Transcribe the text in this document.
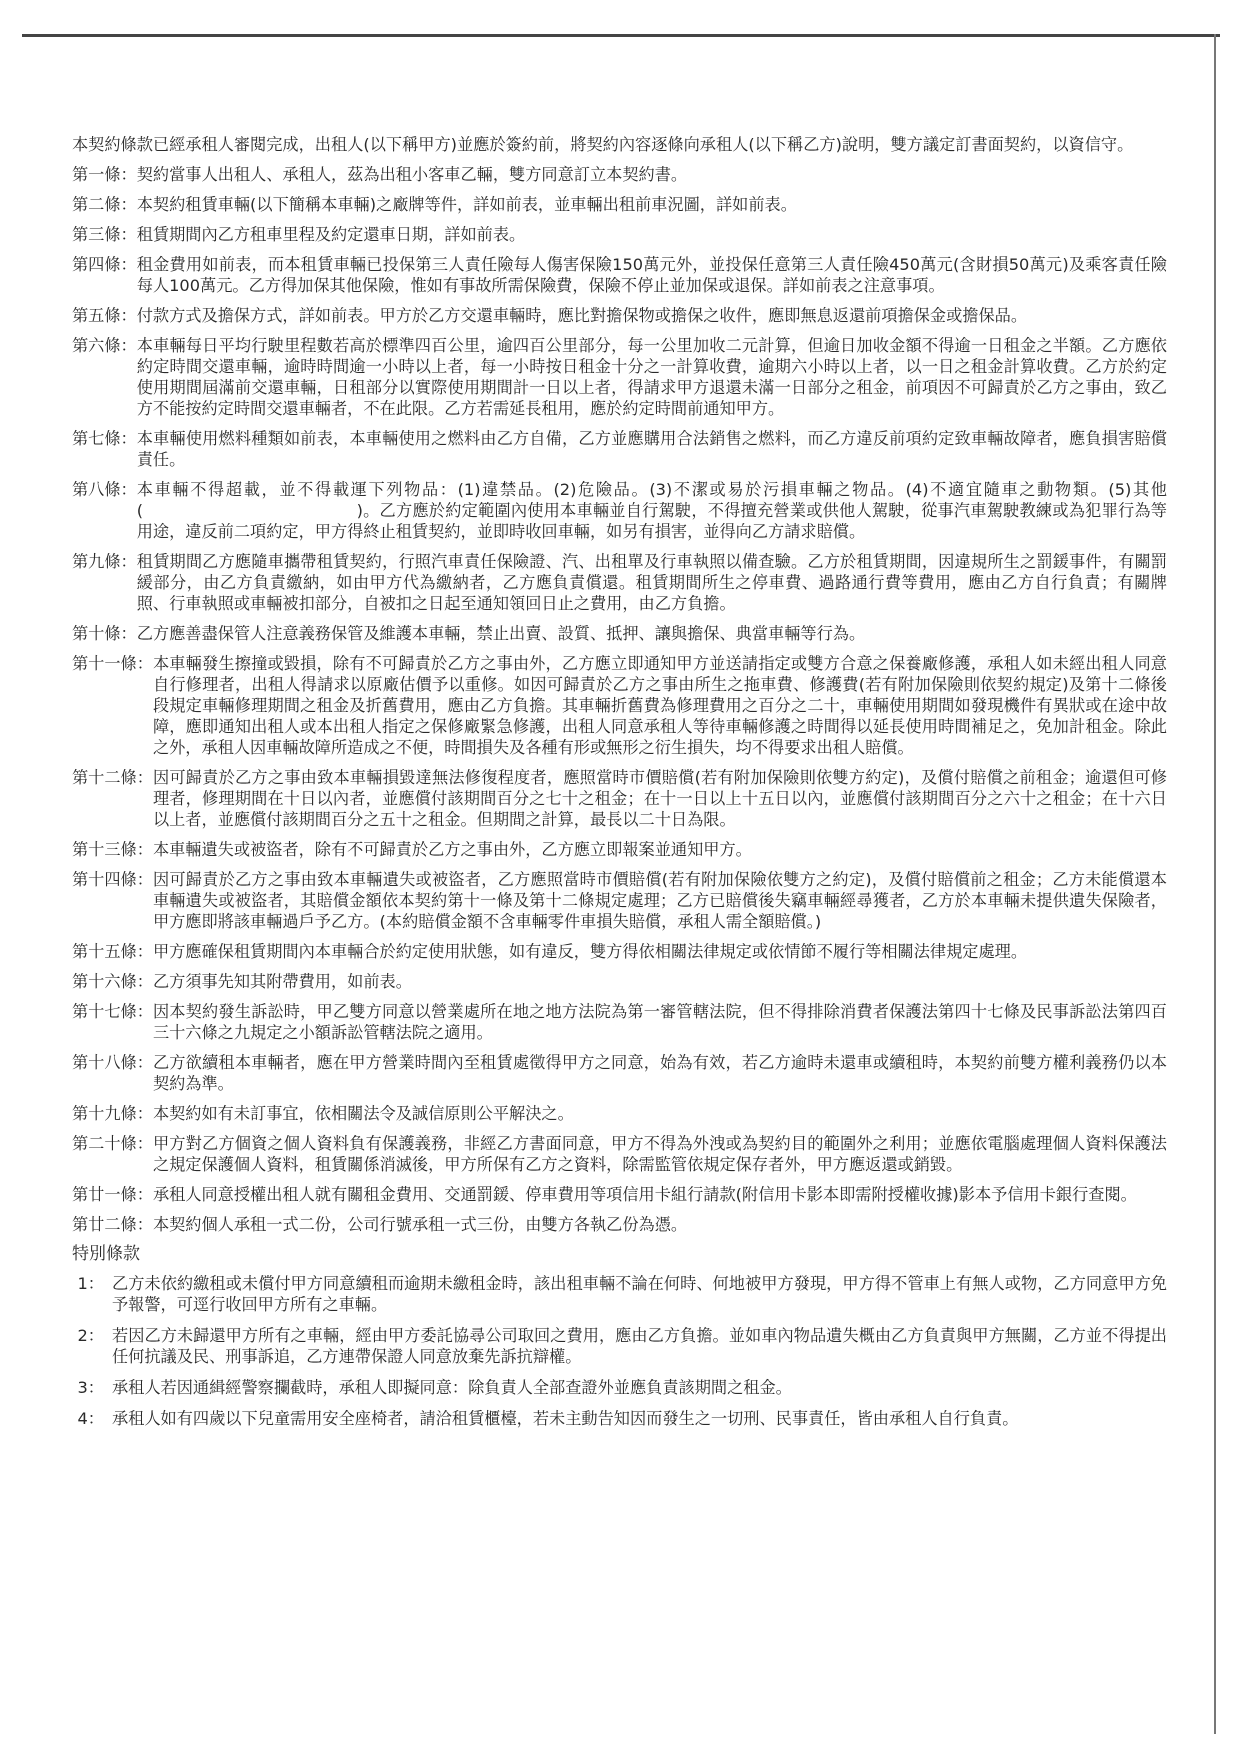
本契約條款已經承租人審閱完成，出租人(以下稱甲方)並應於簽約前，將契約內容逐條向承租人(以下稱乙方)說明，雙方議定訂書面契約，以資信守。

第一條： 契約當事人出租人、承租人，茲為出租小客車乙輛，雙方同意訂立本契約書。
第二條： 本契約租賃車輛(以下簡稱本車輛)之廠牌等件，詳如前表，並車輛出租前車況圖，詳如前表。
第三條： 租賃期間內乙方租車里程及約定還車日期，詳如前表。
第四條： 租金費用如前表，而本租賃車輛已投保第三人責任險每人傷害保險150萬元外，並投保任意第三人責任險450萬元(含財損50萬元)及乘客責任險每人100萬元。乙方得加保其他保險，惟如有事故所需保險費，保險不停止並加保或退保。詳如前表之注意事項。
第五條： 付款方式及擔保方式，詳如前表。甲方於乙方交還車輛時，應比對擔保物或擔保之收件，應即無息返還前項擔保金或擔保品。
第六條： 本車輛每日平均行駛里程數若高於標準四百公里，逾四百公里部分，每一公里加收二元計算，但逾日加收金額不得逾一日租金之半額。乙方應依約定時間交還車輛，逾時時間逾一小時以上者，每一小時按日租金十分之一計算收費，逾期六小時以上者，以一日之租金計算收費。乙方於約定使用期間屆滿前交還車輛，日租部分以實際使用期間計一日以上者，得請求甲方退還未滿一日部分之租金，前項因不可歸責於乙方之事由，致乙方不能按約定時間交還車輛者，不在此限。乙方若需延長租用，應於約定時間前通知甲方。
第七條： 本車輛使用燃料種類如前表，本車輛使用之燃料由乙方自備，乙方並應購用合法銷售之燃料，而乙方違反前項約定致車輛故障者，應負損害賠償責任。
第八條： 本車輛不得超載，並不得載運下列物品：(1)違禁品。(2)危險品。(3)不潔或易於污損車輛之物品。(4)不適宜隨車之動物類。(5)其他(　　　　　　　　　　　　　)。乙方應於約定範圍內使用本車輛並自行駕駛，不得擅充營業或供他人駕駛，從事汽車駕駛教練或為犯罪行為等用途，違反前二項約定，甲方得終止租賃契約，並即時收回車輛，如另有損害，並得向乙方請求賠償。
第九條： 租賃期間乙方應隨車攜帶租賃契約，行照汽車責任保險證、汽、出租單及行車執照以備查驗。乙方於租賃期間，因違規所生之罰鍰事件，有關罰緩部分，由乙方負責繳納，如由甲方代為繳納者，乙方應負責償還。租賃期間所生之停車費、過路通行費等費用，應由乙方自行負責；有關牌照、行車執照或車輛被扣部分，自被扣之日起至通知領回日止之費用，由乙方負擔。
第十條： 乙方應善盡保管人注意義務保管及維護本車輛，禁止出賣、設質、抵押、讓與擔保、典當車輛等行為。
第十一條： 本車輛發生擦撞或毀損，除有不可歸責於乙方之事由外，乙方應立即通知甲方並送請指定或雙方合意之保養廠修護，承租人如未經出租人同意自行修理者，出租人得請求以原廠估價予以重修。如因可歸責於乙方之事由所生之拖車費、修護費(若有附加保險則依契約規定)及第十二條後段規定車輛修理期間之租金及折舊費用，應由乙方負擔。其車輛折舊費為修理費用之百分之二十，車輛使用期間如發現機件有異狀或在途中故障，應即通知出租人或本出租人指定之保修廠緊急修護，出租人同意承租人等待車輛修護之時間得以延長使用時間補足之，免加計租金。除此之外，承租人因車輛故障所造成之不便，時間損失及各種有形或無形之衍生損失，均不得要求出租人賠償。
第十二條： 因可歸責於乙方之事由致本車輛損毀達無法修復程度者，應照當時市價賠償(若有附加保險則依雙方約定)，及償付賠償之前租金；逾還但可修理者，修理期間在十日以內者，並應償付該期間百分之七十之租金；在十一日以上十五日以內，並應償付該期間百分之六十之租金；在十六日以上者，並應償付該期間百分之五十之租金。但期間之計算，最長以二十日為限。
第十三條： 本車輛遺失或被盜者，除有不可歸責於乙方之事由外，乙方應立即報案並通知甲方。
第十四條： 因可歸責於乙方之事由致本車輛遺失或被盜者，乙方應照當時市價賠償(若有附加保險依雙方之約定)，及償付賠償前之租金；乙方未能償還本車輛遺失或被盜者，其賠償金額依本契約第十一條及第十二條規定處理；乙方已賠償後失竊車輛經尋獲者，乙方於本車輛未提供遺失保險者，甲方應即將該車輛過戶予乙方。(本約賠償金額不含車輛零件車損失賠償，承租人需全額賠償。)
第十五條： 甲方應確保租賃期間內本車輛合於約定使用狀態，如有違反，雙方得依相關法律規定或依情節不履行等相關法律規定處理。
第十六條： 乙方須事先知其附帶費用，如前表。
第十七條： 因本契約發生訴訟時，甲乙雙方同意以營業處所在地之地方法院為第一審管轄法院，但不得排除消費者保護法第四十七條及民事訴訟法第四百三十六條之九規定之小額訴訟管轄法院之適用。
第十八條： 乙方欲續租本車輛者，應在甲方營業時間內至租賃處徵得甲方之同意，始為有效，若乙方逾時未還車或續租時，本契約前雙方權利義務仍以本契約為準。
第十九條： 本契約如有未訂事宜，依相關法令及誠信原則公平解決之。
第二十條： 甲方對乙方個資之個人資料負有保護義務，非經乙方書面同意，甲方不得為外洩或為契約目的範圍外之利用；並應依電腦處理個人資料保護法之規定保護個人資料，租賃關係消滅後，甲方所保有乙方之資料，除需監管依規定保存者外，甲方應返還或銷毀。
第廿一條： 承租人同意授權出租人就有關租金費用、交通罰鍰、停車費用等項信用卡組行請款(附信用卡影本即需附授權收據)影本予信用卡銀行查閱。
第廿二條： 本契約個人承租一式二份，公司行號承租一式三份，由雙方各執乙份為憑。
特別條款
1： 乙方未依約繳租或未償付甲方同意續租而逾期未繳租金時，該出租車輛不論在何時、何地被甲方發現，甲方得不管車上有無人或物，乙方同意甲方免予報警，可逕行收回甲方所有之車輛。
2： 若因乙方未歸還甲方所有之車輛，經由甲方委託協尋公司取回之費用，應由乙方負擔。並如車內物品遺失概由乙方負責與甲方無關，乙方並不得提出任何抗議及民、刑事訴追，乙方連帶保證人同意放棄先訴抗辯權。
3： 承租人若因通緝經警察攔截時，承租人即擬同意：除負責人全部查證外並應負責該期間之租金。
4： 承租人如有四歲以下兒童需用安全座椅者，請洽租賃櫃檯，若未主動告知因而發生之一切刑、民事責任，皆由承租人自行負責。
